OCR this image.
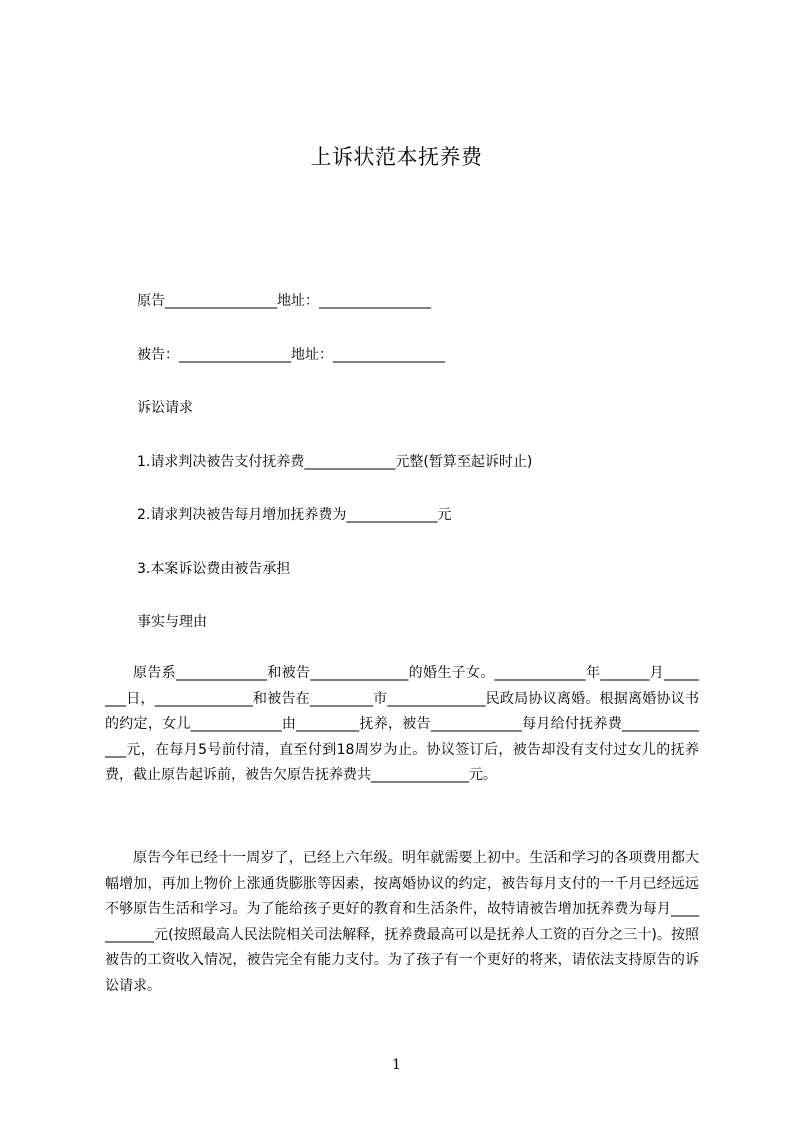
上诉状范本抚养费
原告________________地址：________________
被告：________________地址：________________
诉讼请求
1.请求判决被告支付抚养费_____________元整(暂算至起诉时止)
2.请求判决被告每月增加抚养费为_____________元
3.本案诉讼费由被告承担
事实与理由
原告系_____________和被告______________的婚生子女。_____________年_______月________日，______________和被告在_________市______________民政局协议离婚。根据离婚协议书的约定，女儿_____________由_________抚养，被告_____________每月给付抚养费______________元，在每月5号前付清，直至付到18周岁为止。协议签订后，被告却没有支付过女儿的抚养费，截止原告起诉前，被告欠原告抚养费共______________元。
原告今年已经十一周岁了，已经上六年级。明年就需要上初中。生活和学习的各项费用都大幅增加，再加上物价上涨通货膨胀等因素，按离婚协议的约定，被告每月支付的一千月已经远远不够原告生活和学习。为了能给孩子更好的教育和生活条件，故特请被告增加抚养费为每月___________元(按照最高人民法院相关司法解释，抚养费最高可以是抚养人工资的百分之三十)。按照被告的工资收入情况，被告完全有能力支付。为了孩子有一个更好的将来，请依法支持原告的诉讼请求。
1
